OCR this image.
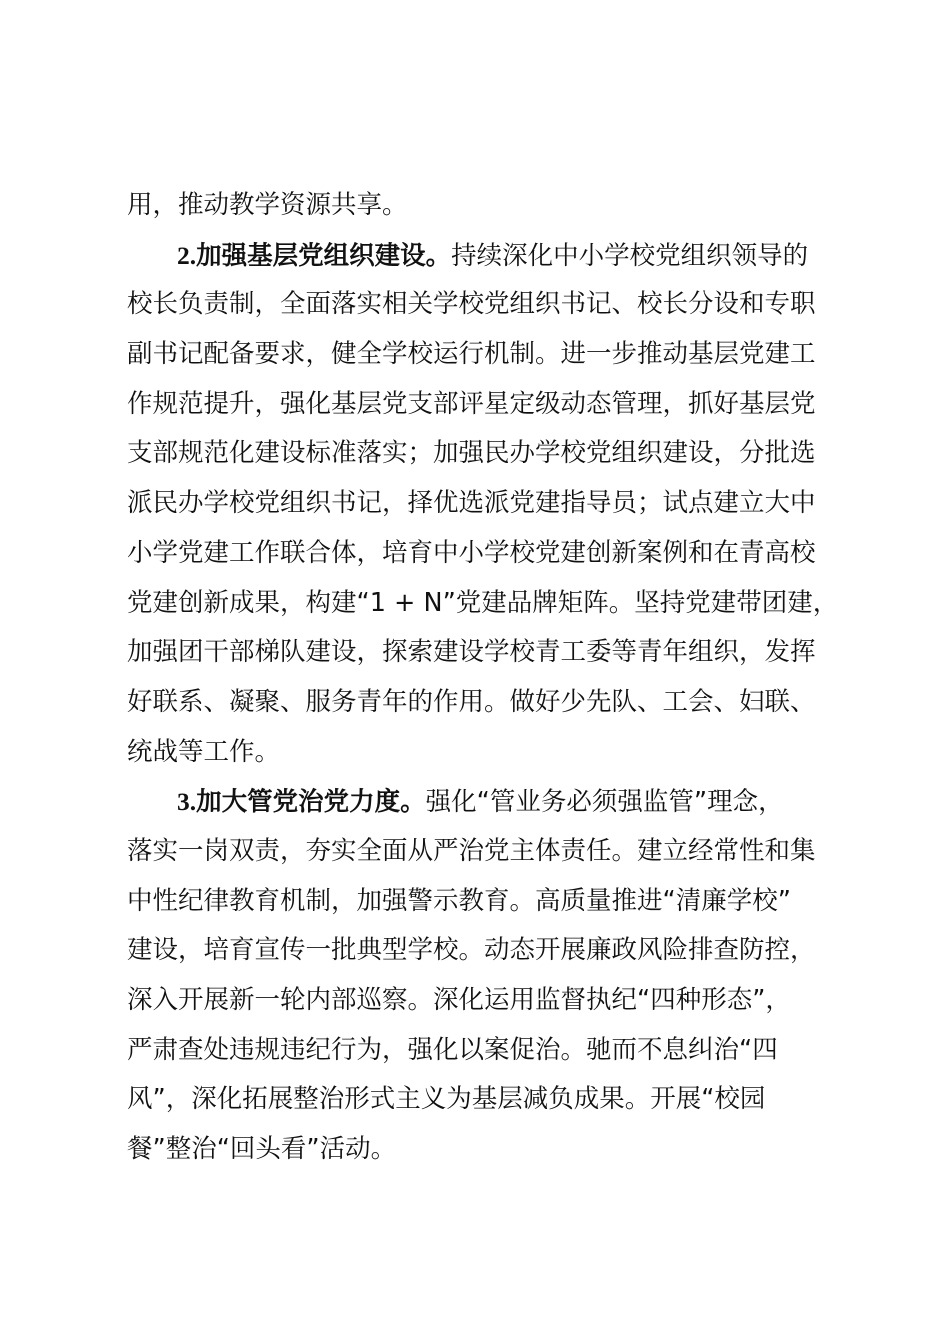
用，推动教学资源共享。
2.加强基层党组织建设。持续深化中小学校党组织领导的
校长负责制，全面落实相关学校党组织书记、校长分设和专职
副书记配备要求，健全学校运行机制。进一步推动基层党建工
作规范提升，强化基层党支部评星定级动态管理，抓好基层党
支部规范化建设标准落实；加强民办学校党组织建设，分批选
派民办学校党组织书记，择优选派党建指导员；试点建立大中
小学党建工作联合体，培育中小学校党建创新案例和在青高校
党建创新成果，构建“1 + N”党建品牌矩阵。坚持党建带团建，
加强团干部梯队建设，探索建设学校青工委等青年组织，发挥
好联系、凝聚、服务青年的作用。做好少先队、工会、妇联、
统战等工作。
3.加大管党治党力度。强化“管业务必须强监管”理念，
落实一岗双责，夯实全面从严治党主体责任。建立经常性和集
中性纪律教育机制，加强警示教育。高质量推进“清廉学校”
建设，培育宣传一批典型学校。动态开展廉政风险排查防控，
深入开展新一轮内部巡察。深化运用监督执纪“四种形态”，
严肃查处违规违纪行为，强化以案促治。驰而不息纠治“四
风”，深化拓展整治形式主义为基层减负成果。开展“校园
餐”整治“回头看”活动。
